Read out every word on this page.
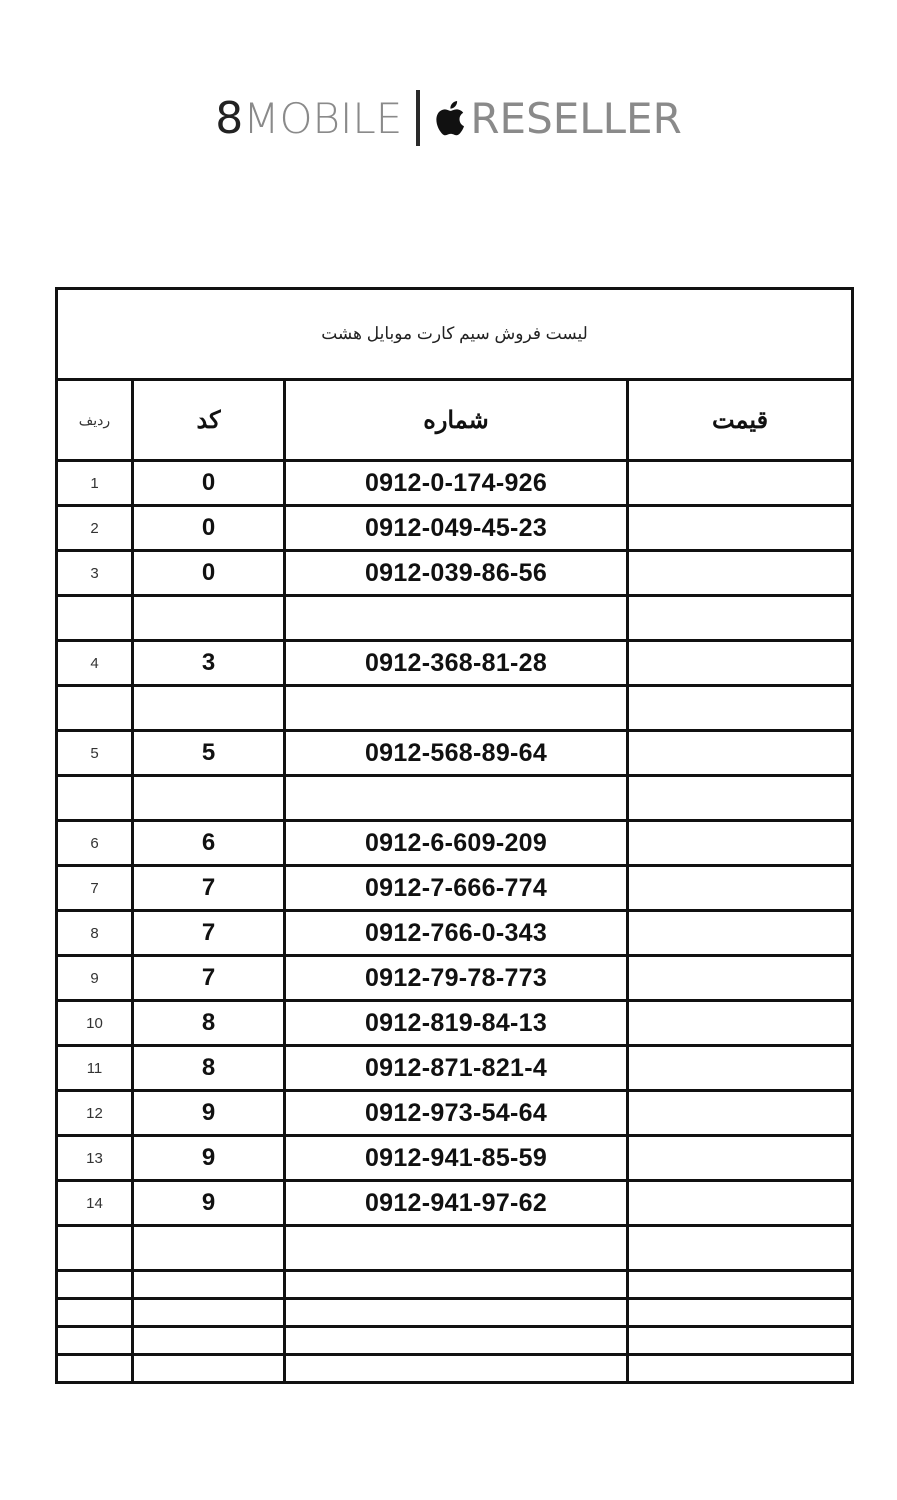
8 MOBILE RESELLER
لیست فروش سیم کارت موبایل هشت			
ردیف	کد	شماره	قیمت
1	0	0912-0-174-926	
2	0	0912-049-45-23	
3	0	0912-039-86-56	

4	3	0912-368-81-28	

5	5	0912-568-89-64	

6	6	0912-6-609-209	
7	7	0912-7-666-774	
8	7	0912-766-0-343	
9	7	0912-79-78-773	
10	8	0912-819-84-13	
11	8	0912-871-821-4	
12	9	0912-973-54-64	
13	9	0912-941-85-59	
14	9	0912-941-97-62	
